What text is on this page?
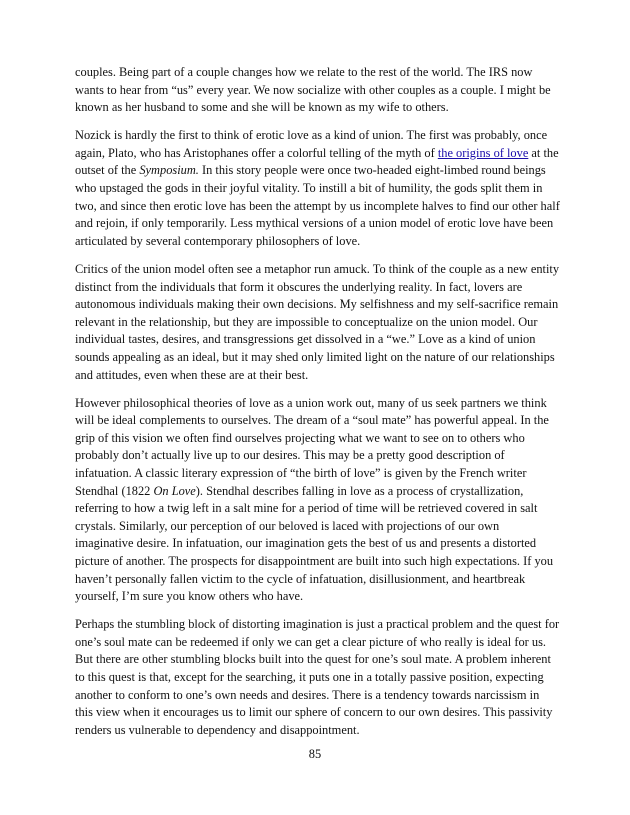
couples. Being part of a couple changes how we relate to the rest of the world. The IRS now wants to hear from “us” every year. We now socialize with other couples as a couple. I might be known as her husband to some and she will be known as my wife to others.

Nozick is hardly the first to think of erotic love as a kind of union. The first was probably, once again, Plato, who has Aristophanes offer a colorful telling of the myth of the origins of love at the outset of the Symposium. In this story people were once two-headed eight-limbed round beings who upstaged the gods in their joyful vitality. To instill a bit of humility, the gods split them in two, and since then erotic love has been the attempt by us incomplete halves to find our other half and rejoin, if only temporarily. Less mythical versions of a union model of erotic love have been articulated by several contemporary philosophers of love.

Critics of the union model often see a metaphor run amuck. To think of the couple as a new entity distinct from the individuals that form it obscures the underlying reality. In fact, lovers are autonomous individuals making their own decisions. My selfishness and my self-sacrifice remain relevant in the relationship, but they are impossible to conceptualize on the union model. Our individual tastes, desires, and transgressions get dissolved in a “we.” Love as a kind of union sounds appealing as an ideal, but it may shed only limited light on the nature of our relationships and attitudes, even when these are at their best.

However philosophical theories of love as a union work out, many of us seek partners we think will be ideal complements to ourselves. The dream of a “soul mate” has powerful appeal. In the grip of this vision we often find ourselves projecting what we want to see on to others who probably don’t actually live up to our desires. This may be a pretty good description of infatuation. A classic literary expression of “the birth of love” is given by the French writer Stendhal (1822 On Love). Stendhal describes falling in love as a process of crystallization, referring to how a twig left in a salt mine for a period of time will be retrieved covered in salt crystals. Similarly, our perception of our beloved is laced with projections of our own imaginative desire. In infatuation, our imagination gets the best of us and presents a distorted picture of another. The prospects for disappointment are built into such high expectations. If you haven’t personally fallen victim to the cycle of infatuation, disillusionment, and heartbreak yourself, I’m sure you know others who have.

Perhaps the stumbling block of distorting imagination is just a practical problem and the quest for one’s soul mate can be redeemed if only we can get a clear picture of who really is ideal for us. But there are other stumbling blocks built into the quest for one’s soul mate. A problem inherent to this quest is that, except for the searching, it puts one in a totally passive position, expecting another to conform to one’s own needs and desires. There is a tendency towards narcissism in this view when it encourages us to limit our sphere of concern to our own desires. This passivity renders us vulnerable to dependency and disappointment.

85
